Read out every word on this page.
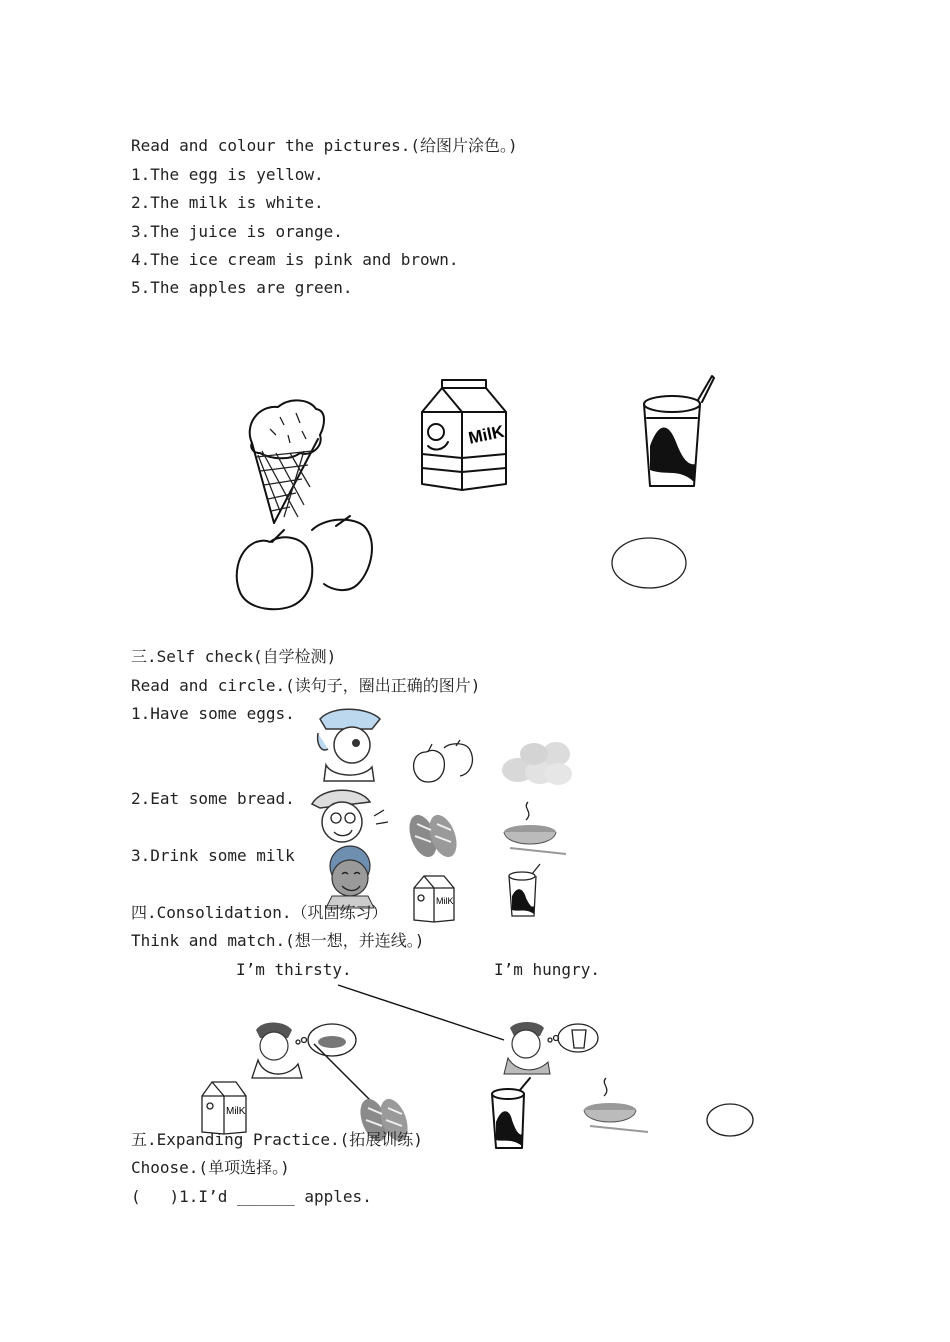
Read and colour the pictures.(给图片涂色。)
1.The egg is yellow.
2.The milk is white.
3.The juice is orange.
4.The ice cream is pink and brown.
5.The apples are green.
MilK
三.Self check(自学检测)
Read and circle.(读句子，圈出正确的图片)
1.Have some eggs.
2.Eat some bread.
3.Drink some milk
MilK
四.Consolidation.（巩固练习）
Think and match.(想一想，并连线。)
I’m thirsty.	I’m hungry.
MilK
五.Expanding Practice.(拓展训练)
Choose.(单项选择。)
(   )1.I’d ______ apples.
